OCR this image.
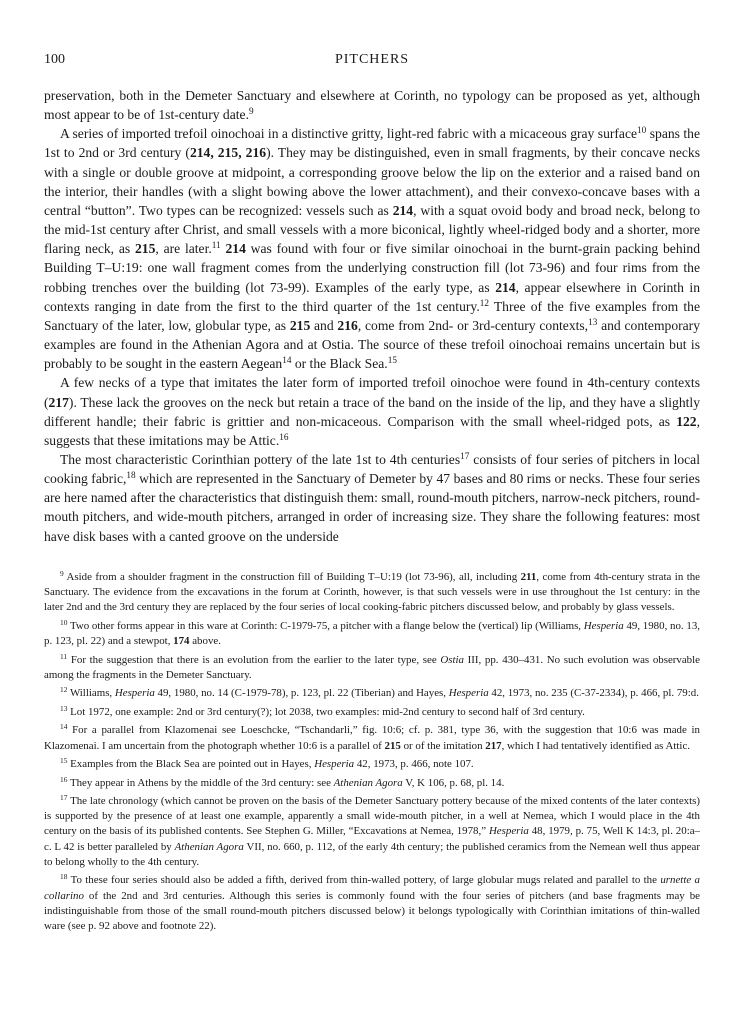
100	PITCHERS

preservation, both in the Demeter Sanctuary and elsewhere at Corinth, no typology can be proposed as yet, although most appear to be of 1st-century date.$^9$

A series of imported trefoil oinochoai in a distinctive gritty, light-red fabric with a micaceous gray surface$^{10}$ spans the 1st to 2nd or 3rd century (214, 215, 216). They may be distinguished, even in small fragments, by their concave necks with a single or double groove at midpoint, a corresponding groove below the lip on the exterior and a raised band on the interior, their handles (with a slight bowing above the lower attachment), and their convexo-concave bases with a central “button”. Two types can be recognized: vessels such as 214, with a squat ovoid body and broad neck, belong to the mid-1st century after Christ, and small vessels with a more biconical, lightly wheel-ridged body and a shorter, more flaring neck, as 215, are later.$^{11}$ 214 was found with four or five similar oinochoai in the burnt-grain packing behind Building T–U:19: one wall fragment comes from the underlying construction fill (lot 73-96) and four rims from the robbing trenches over the building (lot 73-99). Examples of the early type, as 214, appear elsewhere in Corinth in contexts ranging in date from the first to the third quarter of the 1st century.$^{12}$ Three of the five examples from the Sanctuary of the later, low, globular type, as 215 and 216, come from 2nd- or 3rd-century contexts,$^{13}$ and contemporary examples are found in the Athenian Agora and at Ostia. The source of these trefoil oinochoai remains uncertain but is probably to be sought in the eastern Aegean$^{14}$ or the Black Sea.$^{15}$

A few necks of a type that imitates the later form of imported trefoil oinochoe were found in 4th-century contexts (217). These lack the grooves on the neck but retain a trace of the band on the inside of the lip, and they have a slightly different handle; their fabric is grittier and non-micaceous. Comparison with the small wheel-ridged pots, as 122, suggests that these imitations may be Attic.$^{16}$

The most characteristic Corinthian pottery of the late 1st to 4th centuries$^{17}$ consists of four series of pitchers in local cooking fabric,$^{18}$ which are represented in the Sanctuary of Demeter by 47 bases and 80 rims or necks. These four series are here named after the characteristics that distinguish them: small, round-mouth pitchers, narrow-neck pitchers, round-mouth pitchers, and wide-mouth pitchers, arranged in order of increasing size. They share the following features: most have disk bases with a canted groove on the underside

$^9$ Aside from a shoulder fragment in the construction fill of Building T–U:19 (lot 73-96), all, including 211, come from 4th-century strata in the Sanctuary. The evidence from the excavations in the forum at Corinth, however, is that such vessels were in use throughout the 1st century: in the later 2nd and the 3rd century they are replaced by the four series of local cooking-fabric pitchers discussed below, and probably by glass vessels.

$^{10}$ Two other forms appear in this ware at Corinth: C-1979-75, a pitcher with a flange below the (vertical) lip (Williams, Hesperia 49, 1980, no. 13, p. 123, pl. 22) and a stewpot, 174 above.

$^{11}$ For the suggestion that there is an evolution from the earlier to the later type, see Ostia III, pp. 430–431. No such evolution was observable among the fragments in the Demeter Sanctuary.

$^{12}$ Williams, Hesperia 49, 1980, no. 14 (C-1979-78), p. 123, pl. 22 (Tiberian) and Hayes, Hesperia 42, 1973, no. 235 (C-37-2334), p. 466, pl. 79:d.

$^{13}$ Lot 1972, one example: 2nd or 3rd century(?); lot 2038, two examples: mid-2nd century to second half of 3rd century.

$^{14}$ For a parallel from Klazomenai see Loeschcke, “Tschandarli,” fig. 10:6; cf. p. 381, type 36, with the suggestion that 10:6 was made in Klazomenai. I am uncertain from the photograph whether 10:6 is a parallel of 215 or of the imitation 217, which I had tentatively identified as Attic.

$^{15}$ Examples from the Black Sea are pointed out in Hayes, Hesperia 42, 1973, p. 466, note 107.

$^{16}$ They appear in Athens by the middle of the 3rd century: see Athenian Agora V, K 106, p. 68, pl. 14.

$^{17}$ The late chronology (which cannot be proven on the basis of the Demeter Sanctuary pottery because of the mixed contents of the later contexts) is supported by the presence of at least one example, apparently a small wide-mouth pitcher, in a well at Nemea, which I would place in the 4th century on the basis of its published contents. See Stephen G. Miller, “Excavations at Nemea, 1978,” Hesperia 48, 1979, p. 75, Well K 14:3, pl. 20:a–c. L 42 is better paralleled by Athenian Agora VII, no. 660, p. 112, of the early 4th century; the published ceramics from the Nemean well thus appear to belong wholly to the 4th century.

$^{18}$ To these four series should also be added a fifth, derived from thin-walled pottery, of large globular mugs related and parallel to the urnette a collarino of the 2nd and 3rd centuries. Although this series is commonly found with the four series of pitchers (and base fragments may be indistinguishable from those of the small round-mouth pitchers discussed below) it belongs typologically with Corinthian imitations of thin-walled ware (see p. 92 above and footnote 22).
